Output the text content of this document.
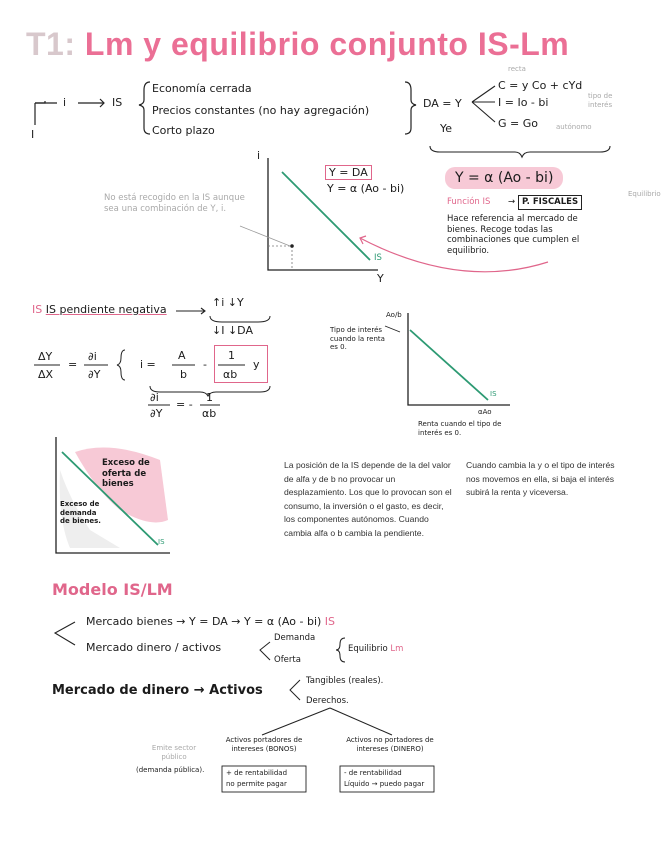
T1: Lm y equilibrio conjunto IS-Lm
i	IS
I
Economía cerrada
Precios constantes (no hay agregación)
Corto plazo
DA = Y
Ye
recta
C = y Co + cYd
I = Io - bi
G = Go
tipo de interés
autónomo
i
Y
Y = DA
Y = α (Ao - bi)
IS
No está recogido en la IS aunque sea una combinación de Y, i.
Y = α (Ao - bi)
Función IS → P. FISCALES
Equilibrio
Hace referencia al mercado de bienes. Recoge todas las combinaciones que cumplen el equilibrio.
IS IS pendiente negativa
↑i ↓Y
↓I ↓DA
ΔY
ΔX
=
∂i
∂Y
i =
A
b
-
1
αb
y
∂i
∂Y
= -
1
αb
Ao/b
Tipo de interés cuando la renta es 0.
αAo
IS
Renta cuando el tipo de interés es 0.
Exceso de oferta de bienes
Exceso de demanda de bienes.
IS
La posición de la IS depende de la del valor de alfa y de b no provocar un desplazamiento. Los que lo provocan son el consumo, la inversión o el gasto, es decir, los componentes autónomos. Cuando cambia alfa o b cambia la pendiente.
Cuando cambia la y o el tipo de interés nos movemos en ella, si baja el interés subirá la renta y viceversa.
Modelo IS/LM
Mercado bienes → Y = DA → Y = α (Ao - bi) IS
Mercado dinero / activos
Demanda
Oferta
Equilibrio Lm
Mercado de dinero → Activos
Tangibles (reales).
Derechos.
Activos portadores de intereses (BONOS)
Activos no portadores de intereses (DINERO)
Emite sector público
(demanda pública).	+ de rentabilidad
no permite pagar
- de rentabilidad
Líquido → puedo pagar
